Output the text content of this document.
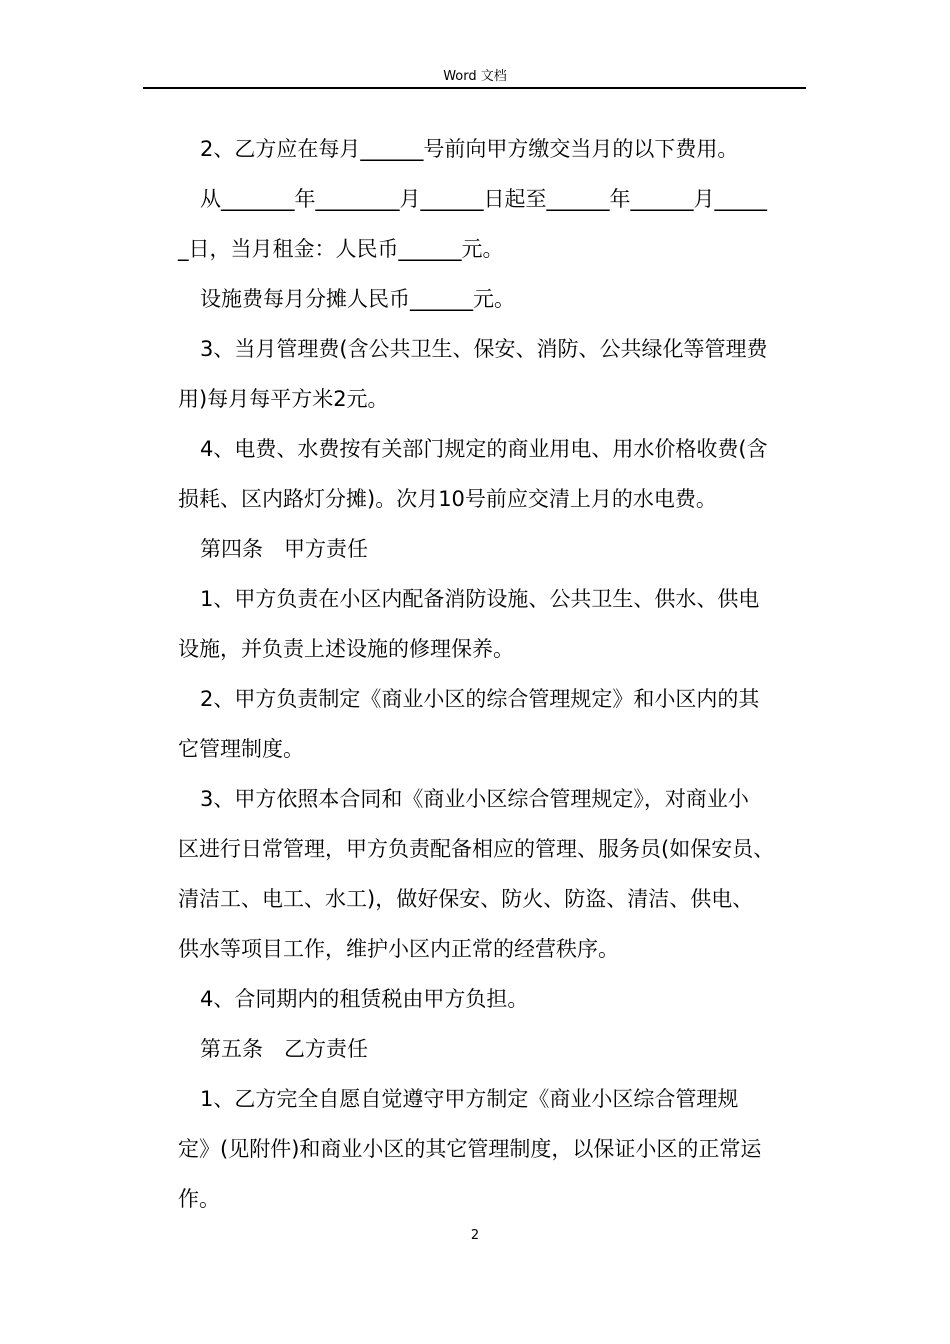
Word 文档
2、乙方应在每月______号前向甲方缴交当月的以下费用。
从_______年________月______日起至______年______月_____
_日，当月租金：人民币______元。
设施费每月分摊人民币______元。
3、当月管理费(含公共卫生、保安、消防、公共绿化等管理费
用)每月每平方米2元。
4、电费、水费按有关部门规定的商业用电、用水价格收费(含
损耗、区内路灯分摊)。次月10号前应交清上月的水电费。
第四条　甲方责任
1、甲方负责在小区内配备消防设施、公共卫生、供水、供电
设施，并负责上述设施的修理保养。
2、甲方负责制定《商业小区的综合管理规定》和小区内的其
它管理制度。
3、甲方依照本合同和《商业小区综合管理规定》，对商业小
区进行日常管理，甲方负责配备相应的管理、服务员(如保安员、
清洁工、电工、水工)，做好保安、防火、防盗、清洁、供电、
供水等项目工作，维护小区内正常的经营秩序。
4、合同期内的租赁税由甲方负担。
第五条　乙方责任
1、乙方完全自愿自觉遵守甲方制定《商业小区综合管理规
定》(见附件)和商业小区的其它管理制度，以保证小区的正常运
作。
2
